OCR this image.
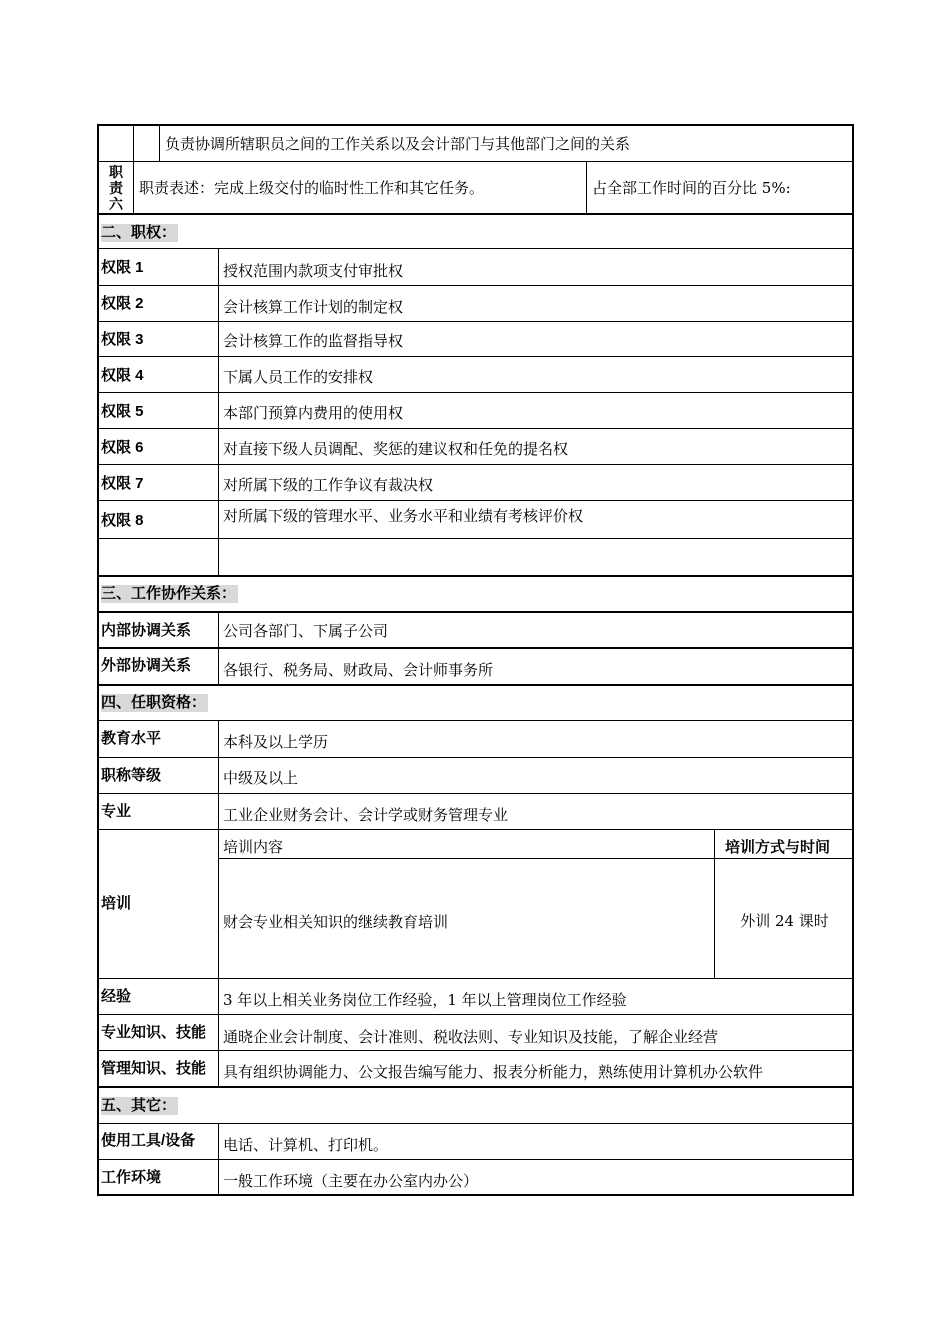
负责协调所辖职员之间的工作关系以及会计部门与其他部门之间的关系
职
责
六
职责表述：完成上级交付的临时性工作和其它任务。	占全部工作时间的百分比 5%:
二、职权：
权限 1	授权范围内款项支付审批权
权限 2	会计核算工作计划的制定权
权限 3	会计核算工作的监督指导权
权限 4	下属人员工作的安排权
权限 5	本部门预算内费用的使用权
权限 6	对直接下级人员调配、奖惩的建议权和任免的提名权
权限 7	对所属下级的工作争议有裁决权
权限 8	对所属下级的管理水平、业务水平和业绩有考核评价权
三、工作协作关系：
内部协调关系 公司各部门、下属子公司
外部协调关系 各银行、税务局、财政局、会计师事务所
四、任职资格：
教育水平	本科及以上学历
职称等级	中级及以上
专业	工业企业财务会计、会计学或财务管理专业
培训
培训内容	培训方式与时间
财会专业相关知识的继续教育培训	外训 24 课时
经验	3 年以上相关业务岗位工作经验，1 年以上管理岗位工作经验
专业知识、技能 通晓企业会计制度、会计准则、税收法则、专业知识及技能，了解企业经营
管理知识、技能 具有组织协调能力、公文报告编写能力、报表分析能力，熟练使用计算机办公软件
五、其它：
使用工具/设备 电话、计算机、打印机。
工作环境	一般工作环境（主要在办公室内办公）
